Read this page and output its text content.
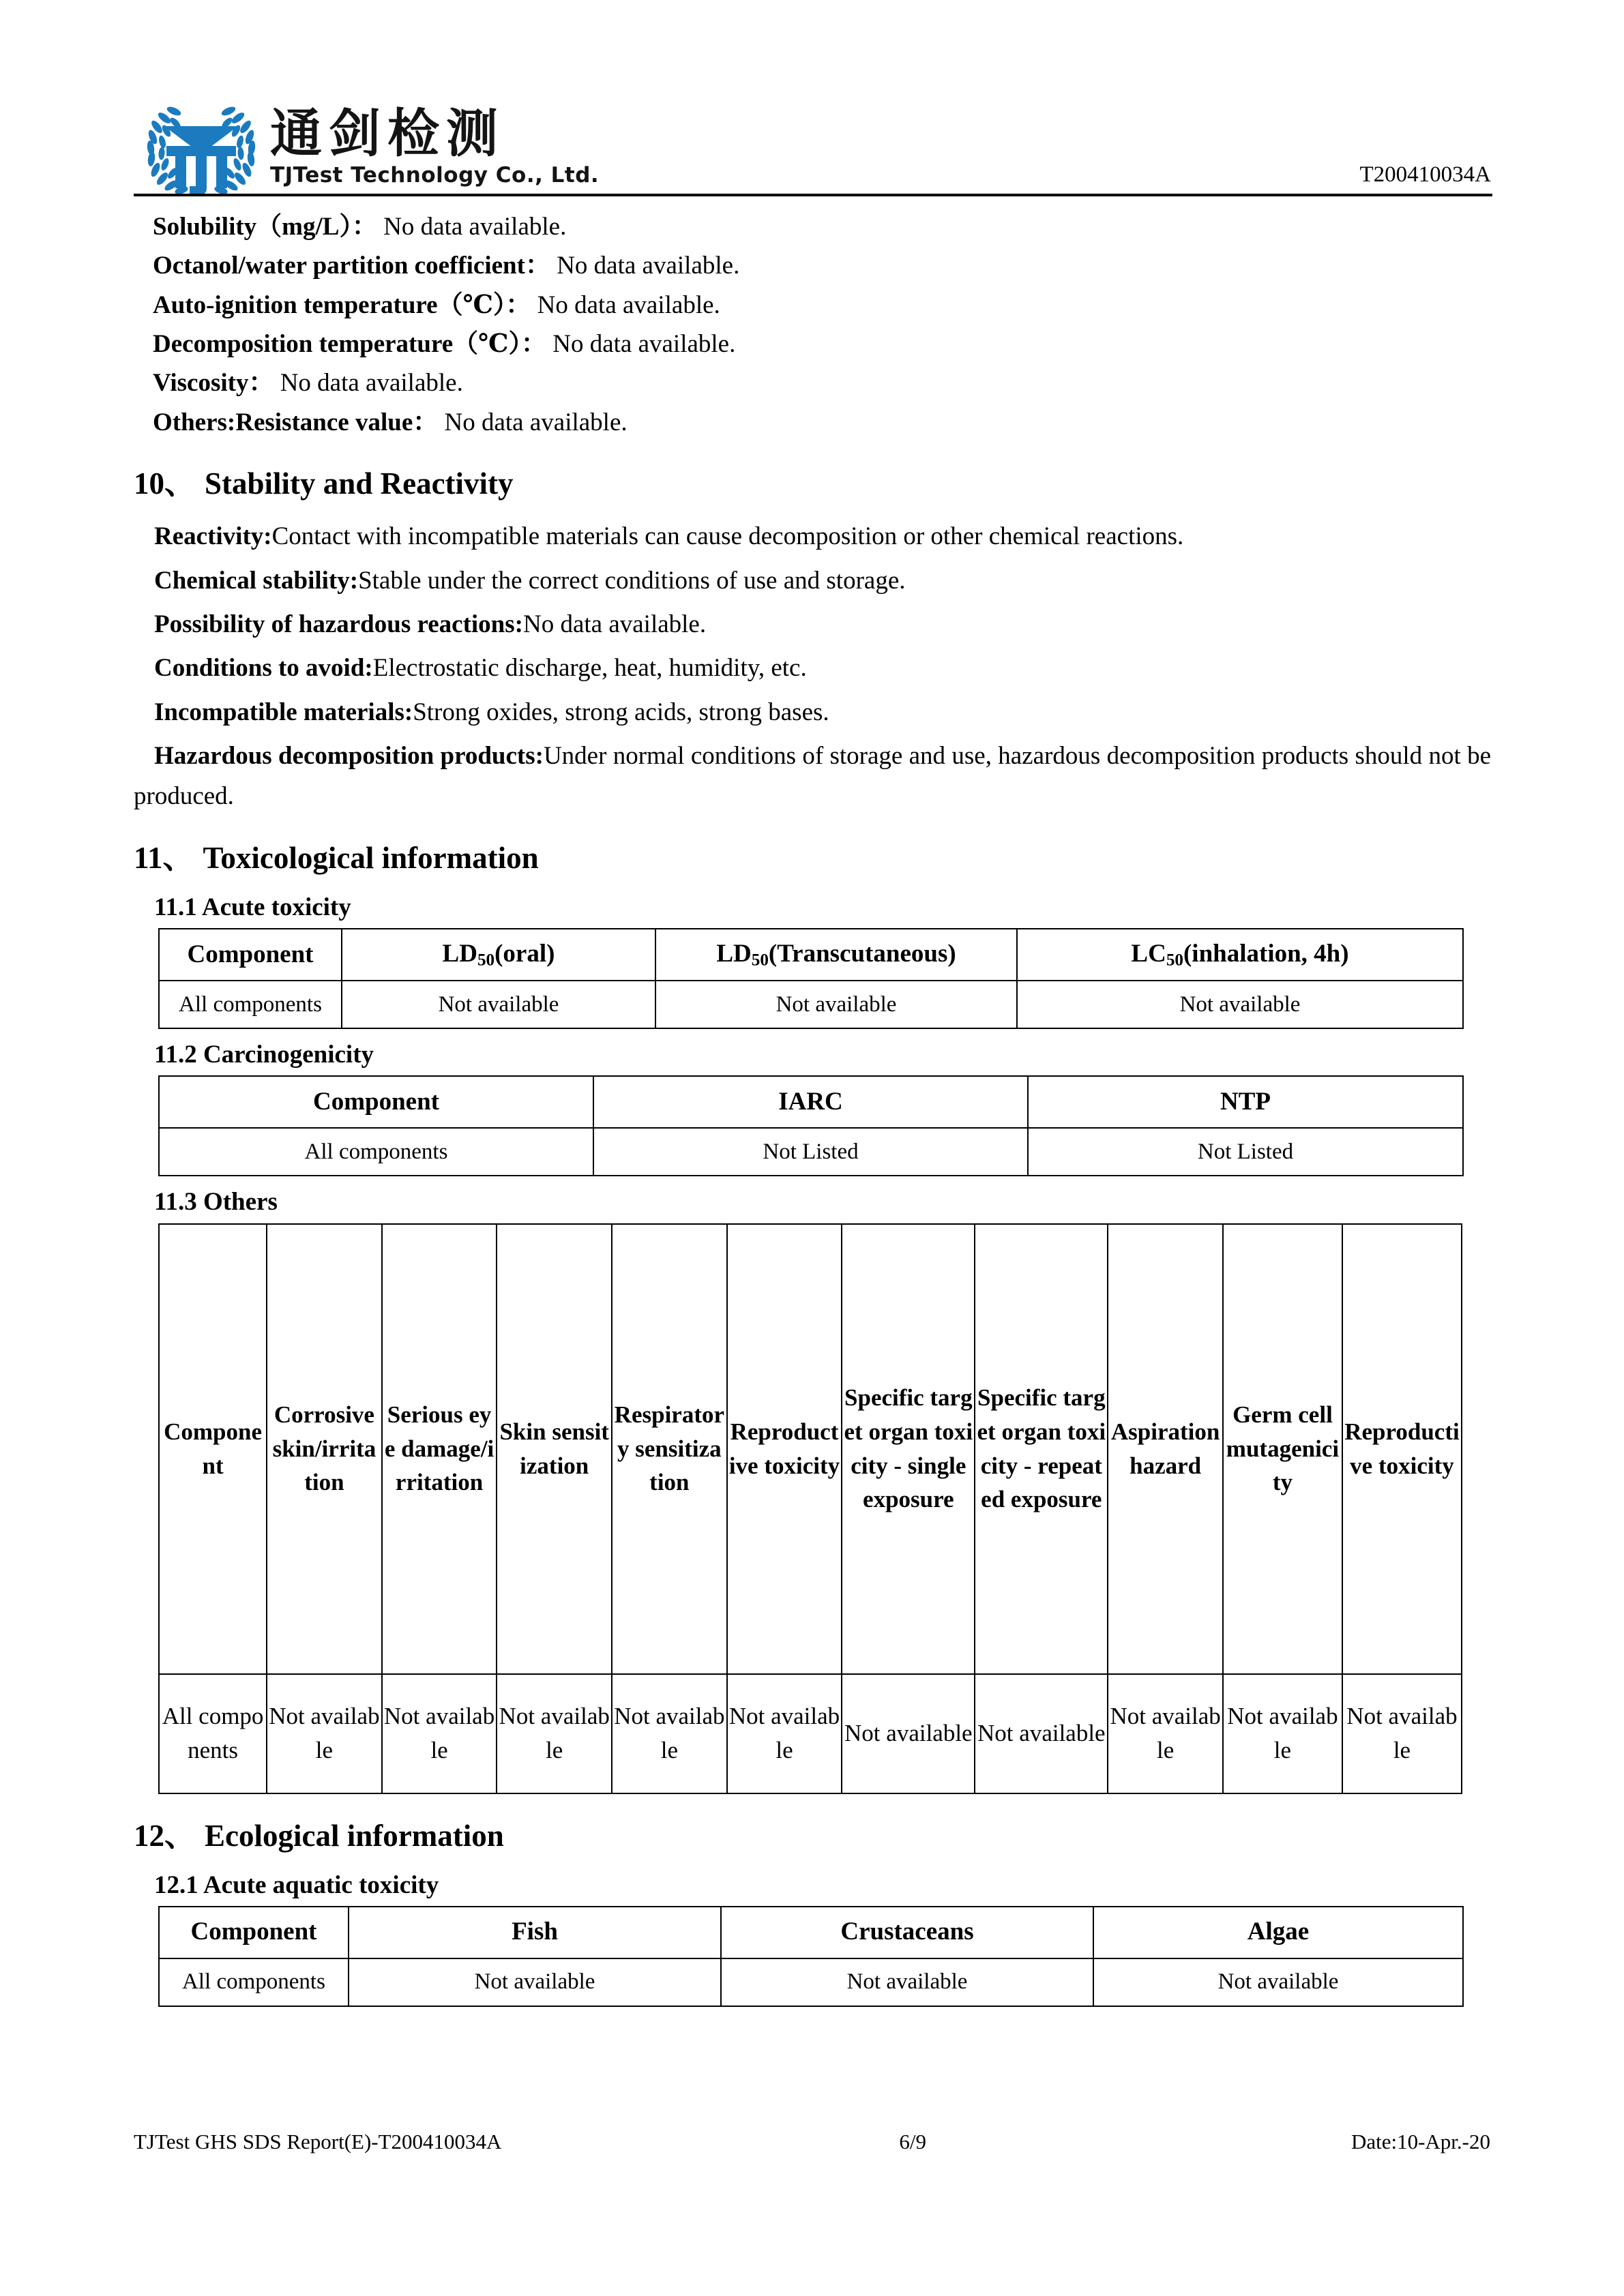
通剑检测
TJTest Technology Co., Ltd.	T200410034A
Solubility（mg/L）： No data available.
Octanol/water partition coefficient： No data available.
Auto-ignition temperature（℃）： No data available.
Decomposition temperature（℃）： No data available.
Viscosity： No data available.
Others:Resistance value： No data available.
10、 Stability and Reactivity

Reactivity:Contact with incompatible materials can cause decomposition or other chemical reactions.

Chemical stability:Stable under the correct conditions of use and storage.

Possibility of hazardous reactions:No data available.

Conditions to avoid:Electrostatic discharge, heat, humidity, etc.

Incompatible materials:Strong oxides, strong acids, strong bases.

Hazardous decomposition products:Under normal conditions of storage and use, hazardous decomposition products should not be produced.

11、 Toxicological information
11.1 Acute toxicity
Component	$LD_{50}(oral)$	$LD_{50}(Transcutaneous)$	$LC_{50}(inhalation$, 4h)
All components	Not available	Not available	Not available
11.2 Carcinogenicity
Component	IARC	NTP
All components	Not Listed	Not Listed
11.3 Others
Component	Corrosive skin/irritation	Serious eye damage/irritation	Skin sensitization	Respiratory sensitization	Reproductive toxicity	Specific target organ toxicity - single exposure	Specific target organ toxicity - repeated exposure	Aspiration hazard	Germ cell mutagenicity	Reproductive toxicity
All components	Not available	Not available	Not available	Not available	Not available	Not available	Not available	Not available	Not available	Not available
12、 Ecological information
12.1 Acute aquatic toxicity
Component	Fish	Crustaceans	Algae
All components	Not available	Not available	Not available
TJTest GHS SDS Report(E)-T200410034A	6/9	Date:10-Apr.-20
